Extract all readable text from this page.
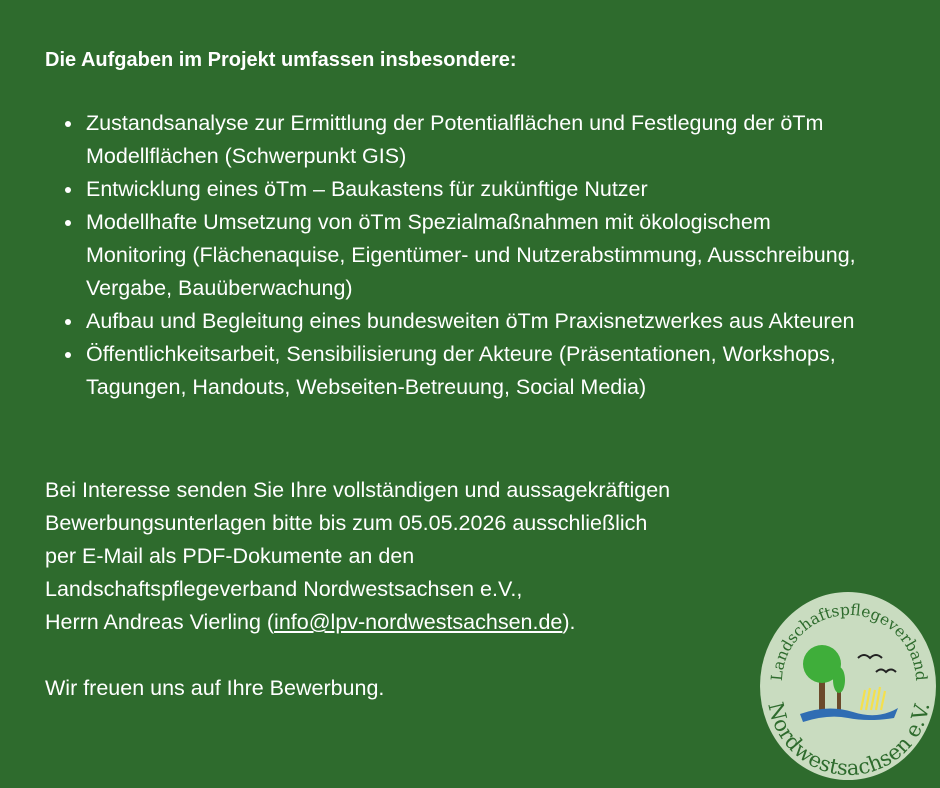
Die Aufgaben im Projekt umfassen insbesondere:

Zustandsanalyse zur Ermittlung der Potentialflächen und Festlegung der öTm Modellflächen (Schwerpunkt GIS)
Entwicklung eines öTm – Baukastens für zukünftige Nutzer
Modellhafte Umsetzung von öTm Spezialmaßnahmen mit ökologischem Monitoring (Flächenaquise, Eigentümer- und Nutzerabstimmung, Ausschreibung, Vergabe, Bauüberwachung)
Aufbau und Begleitung eines bundesweiten öTm Praxisnetzwerkes aus Akteuren
Öffentlichkeitsarbeit, Sensibilisierung der Akteure (Präsentationen, Workshops, Tagungen, Handouts, Webseiten-Betreuung, Social Media)
Bei Interesse senden Sie Ihre vollständigen und aussagekräftigen
Bewerbungsunterlagen bitte bis zum 05.05.2026 ausschließlich
per E-Mail als PDF-Dokumente an den
Landschaftspflegeverband Nordwestsachsen e.V.,
Herrn Andreas Vierling (info@lpv-nordwestsachsen.de).

Wir freuen uns auf Ihre Bewerbung.

Landschaftspflegeverband
Nordwestsachsen e.V.
